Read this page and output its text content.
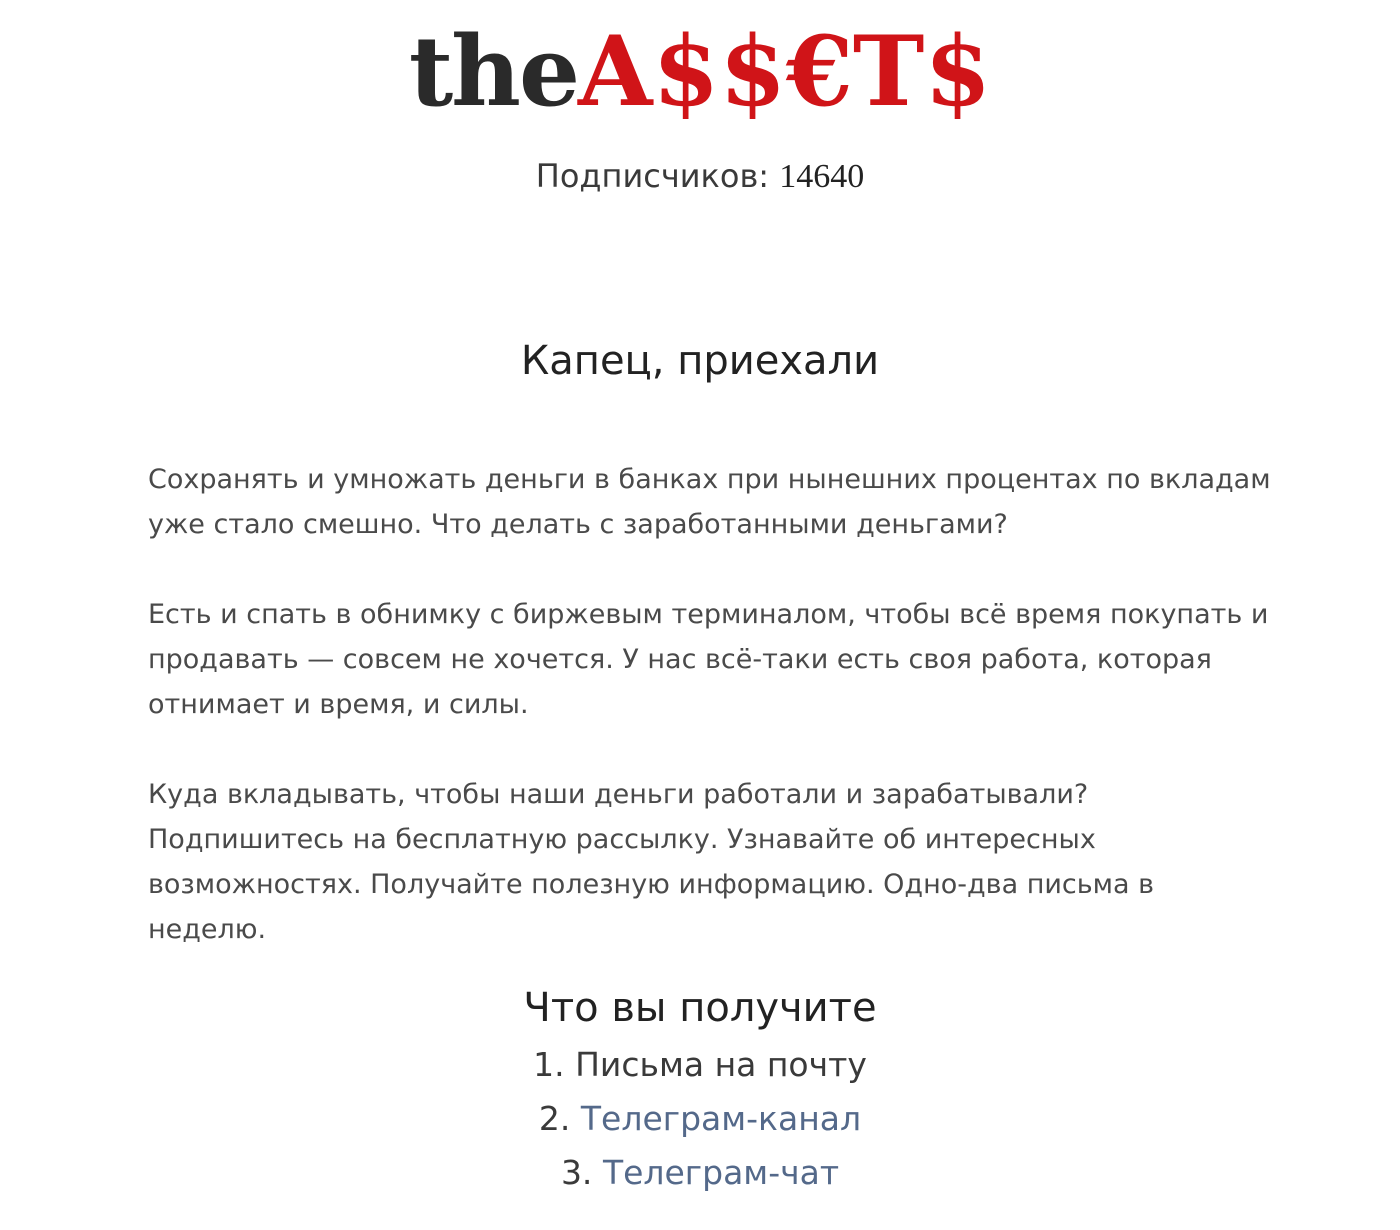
theA$$€T$
Подписчиков: 14640
Капец, приехали

Сохранять и умножать деньги в банках при нынешних процентах по вкладам уже стало смешно. Что делать с заработанными деньгами?

Есть и спать в обнимку с биржевым терминалом, чтобы всё время покупать и продавать — совсем не хочется. У нас всё-таки есть своя работа, которая отнимает и время, и силы.

Куда вкладывать, чтобы наши деньги работали и зарабатывали? Подпишитесь на бесплатную рассылку. Узнавайте об интересных возможностях. Получайте полезную информацию. Одно-два письма в неделю.

Что вы получите
1. Письма на почту
2. Телеграм-канал
3. Телеграм-чат
